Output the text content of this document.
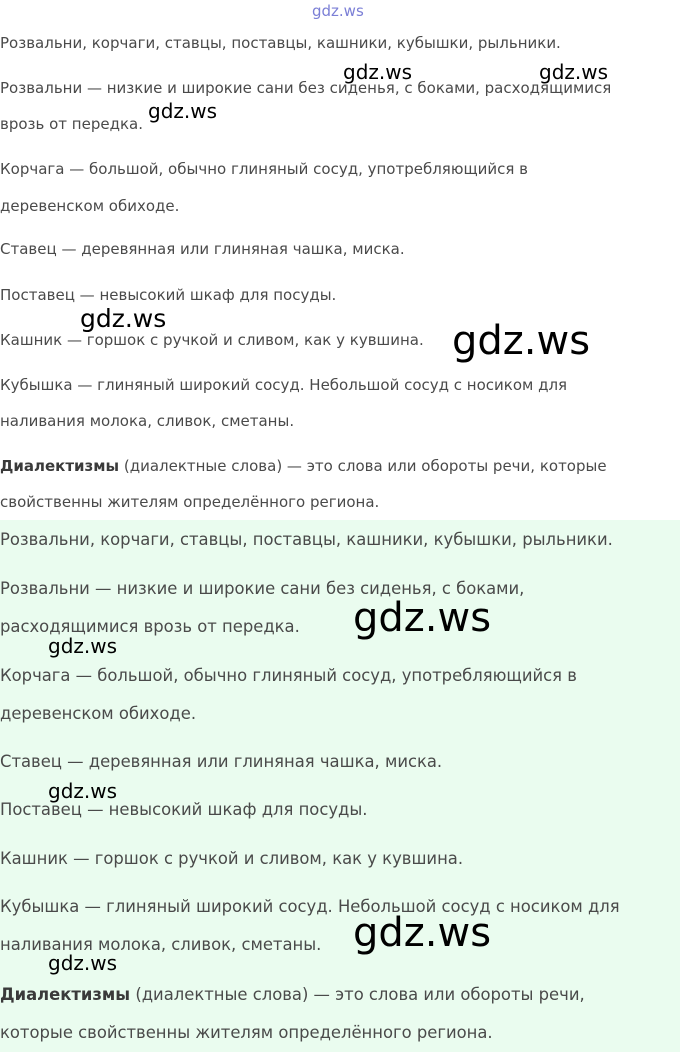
gdz.ws

Розвальни, корчаги, ставцы, поставцы, кашники, кубышки, рыльники.

Розвальни — низкие и широкие сани без сиденья, с боками, расходящимися

врозь от передка.

Корчага — большой, обычно глиняный сосуд, употребляющийся в

деревенском обиходе.

Ставец — деревянная или глиняная чашка, миска.

Поставец — невысокий шкаф для посуды.

Кашник — горшок с ручкой и сливом, как у кувшина.

Кубышка — глиняный широкий сосуд. Небольшой сосуд с носиком для

наливания молока, сливок, сметаны.

Диалектизмы (диалектные слова) — это слова или обороты речи, которые

свойственны жителям определённого региона.

Розвальни, корчаги, ставцы, поставцы, кашники, кубышки, рыльники.

Розвальни — низкие и широкие сани без сиденья, с боками,

расходящимися врозь от передка.

Корчага — большой, обычно глиняный сосуд, употребляющийся в

деревенском обиходе.

Ставец — деревянная или глиняная чашка, миска.

Поставец — невысокий шкаф для посуды.

Кашник — горшок с ручкой и сливом, как у кувшина.

Кубышка — глиняный широкий сосуд. Небольшой сосуд с носиком для

наливания молока, сливок, сметаны.

Диалектизмы (диалектные слова) — это слова или обороты речи,

которые свойственны жителям определённого региона.

gdz.ws	gdz.ws
gdz.ws
gdz.ws	gdz.ws
gdz.ws
gdz.ws
gdz.ws
gdz.ws
gdz.ws
